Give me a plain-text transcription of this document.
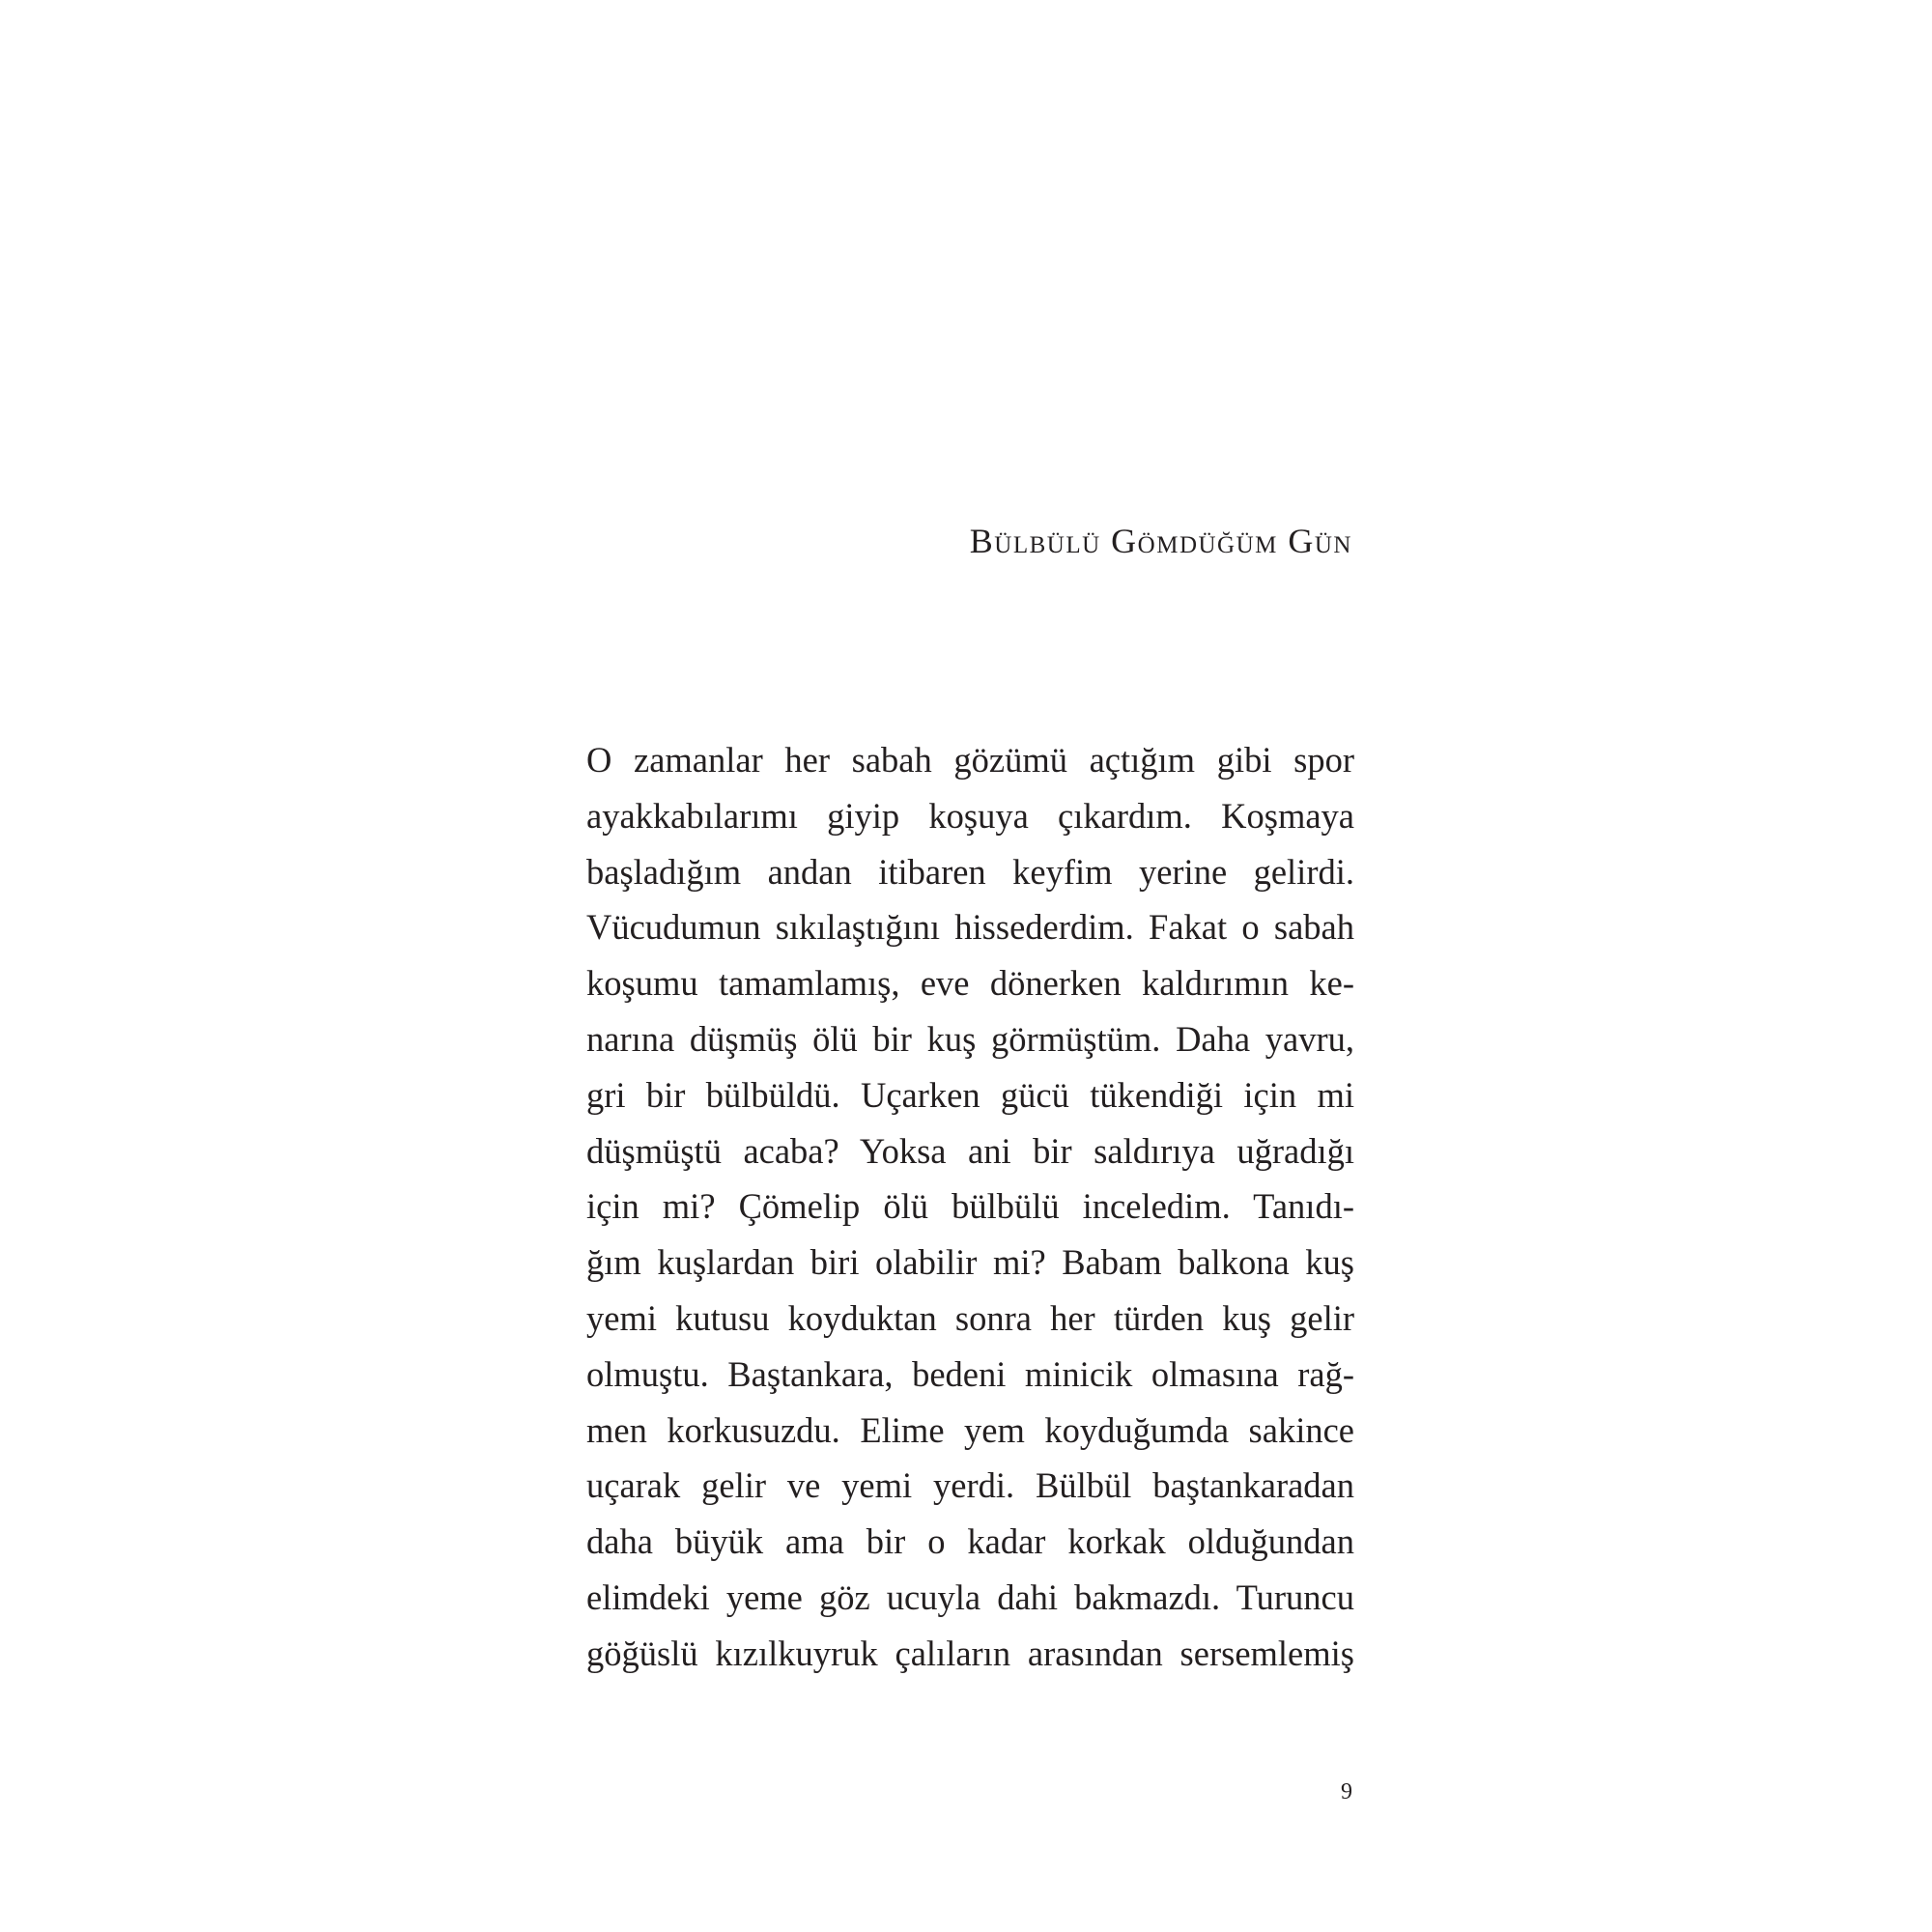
Bülbülü Gömdüğüm Gün
O zamanlar her sabah gözümü açtığım gibi spor
ayakkabılarımı giyip koşuya çıkardım. Koşmaya
başladığım andan itibaren keyfim yerine gelirdi.
Vücudumun sıkılaştığını hissederdim. Fakat o sabah
koşumu tamamlamış, eve dönerken kaldırımın ke-
narına düşmüş ölü bir kuş görmüştüm. Daha yavru,
gri bir bülbüldü. Uçarken gücü tükendiği için mi
düşmüştü acaba? Yoksa ani bir saldırıya uğradığı
için mi? Çömelip ölü bülbülü inceledim. Tanıdı-
ğım kuşlardan biri olabilir mi? Babam balkona kuş
yemi kutusu koyduktan sonra her türden kuş gelir
olmuştu. Baştankara, bedeni minicik olmasına rağ-
men korkusuzdu. Elime yem koyduğumda sakince
uçarak gelir ve yemi yerdi. Bülbül baştankaradan
daha büyük ama bir o kadar korkak olduğundan
elimdeki yeme göz ucuyla dahi bakmazdı. Turuncu
göğüslü kızılkuyruk çalıların arasından sersemlemiş
9
